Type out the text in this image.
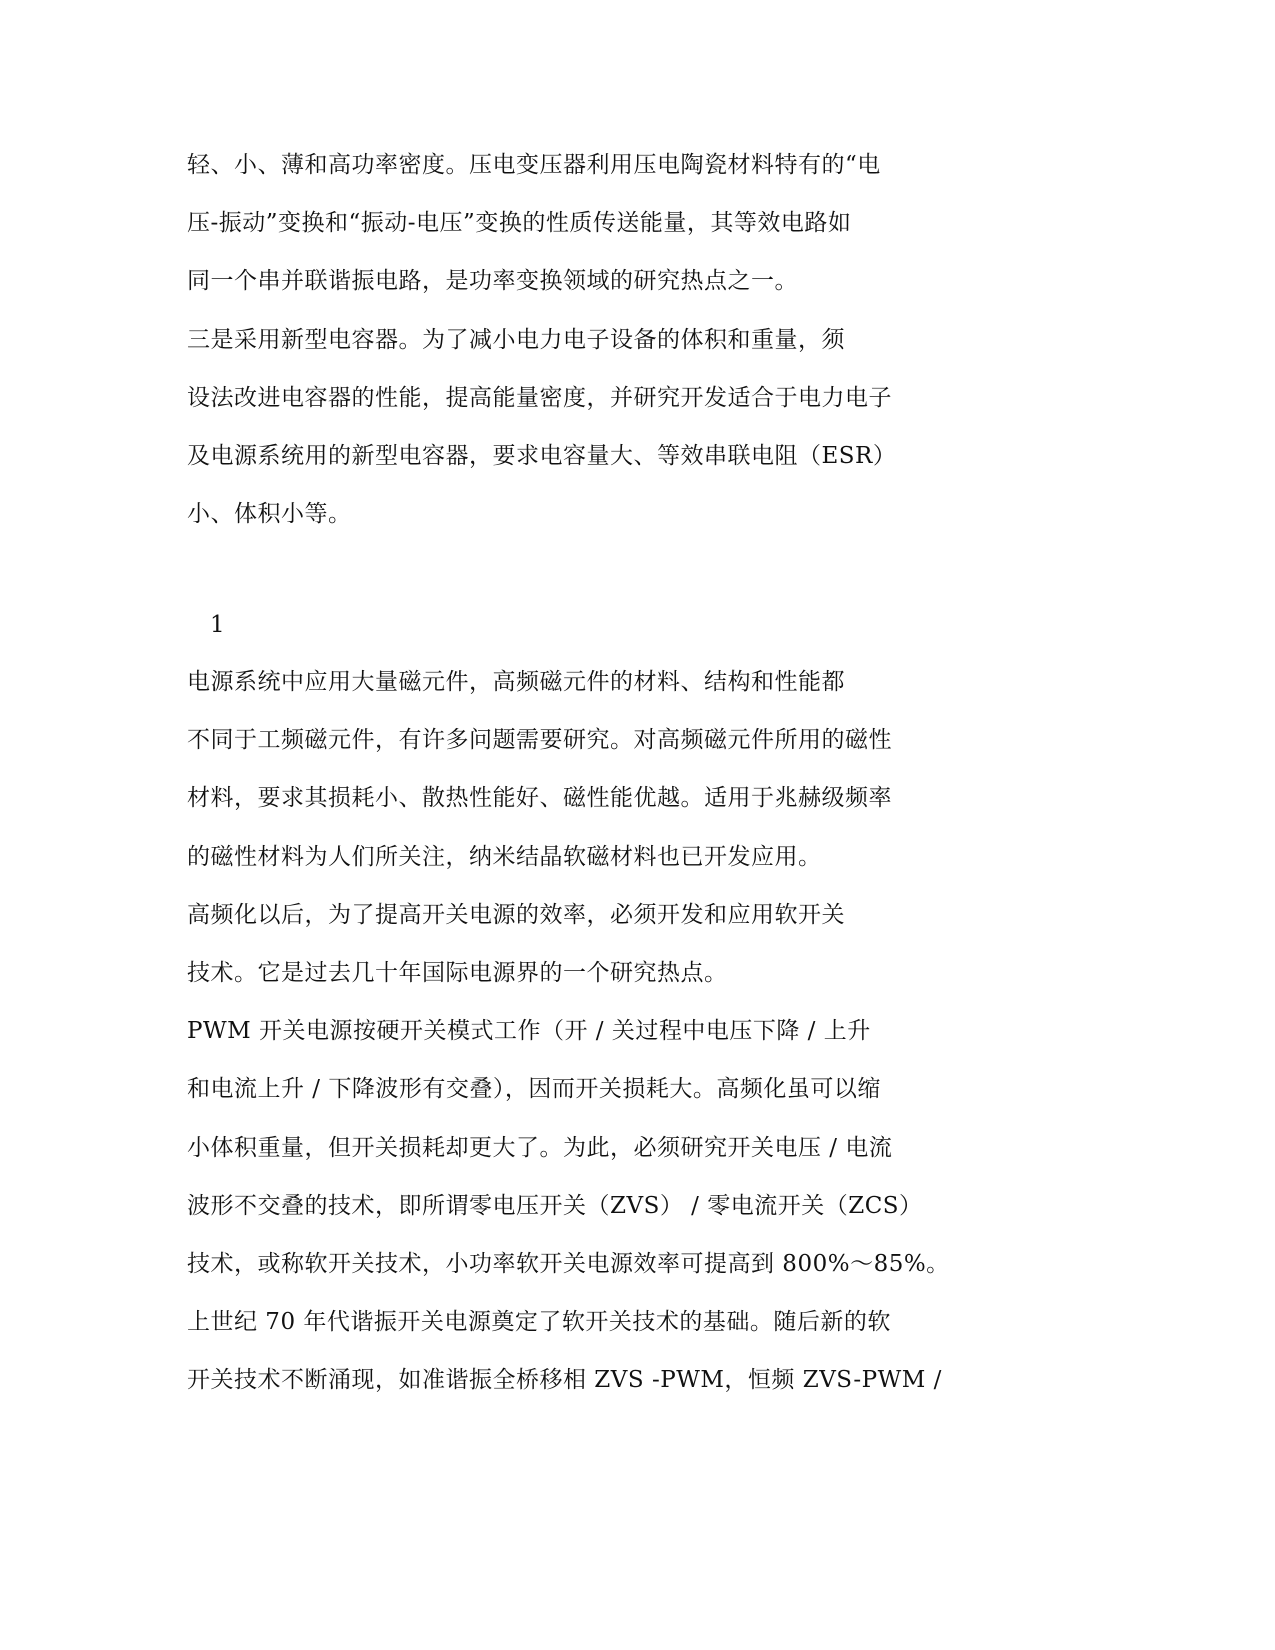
轻、小、薄和高功率密度。压电变压器利用压电陶瓷材料特有的“电
压-振动”变换和“振动-电压”变换的性质传送能量，其等效电路如
同一个串并联谐振电路，是功率变换领域的研究热点之一。
三是采用新型电容器。为了减小电力电子设备的体积和重量，须
设法改进电容器的性能，提高能量密度，并研究开发适合于电力电子
及电源系统用的新型电容器，要求电容量大、等效串联电阻（ESR）
小、体积小等。
1
电源系统中应用大量磁元件，高频磁元件的材料、结构和性能都
不同于工频磁元件，有许多问题需要研究。对高频磁元件所用的磁性
材料，要求其损耗小、散热性能好、磁性能优越。适用于兆赫级频率
的磁性材料为人们所关注，纳米结晶软磁材料也已开发应用。
高频化以后，为了提高开关电源的效率，必须开发和应用软开关
技术。它是过去几十年国际电源界的一个研究热点。
PWM 开关电源按硬开关模式工作（开 / 关过程中电压下降 / 上升
和电流上升 / 下降波形有交叠），因而开关损耗大。高频化虽可以缩
小体积重量，但开关损耗却更大了。为此，必须研究开关电压 / 电流
波形不交叠的技术，即所谓零电压开关（ZVS） / 零电流开关（ZCS）
技术，或称软开关技术，小功率软开关电源效率可提高到 800%～85%。
上世纪 70 年代谐振开关电源奠定了软开关技术的基础。随后新的软
开关技术不断涌现，如准谐振全桥移相 ZVS -PWM，恒频 ZVS-PWM /
